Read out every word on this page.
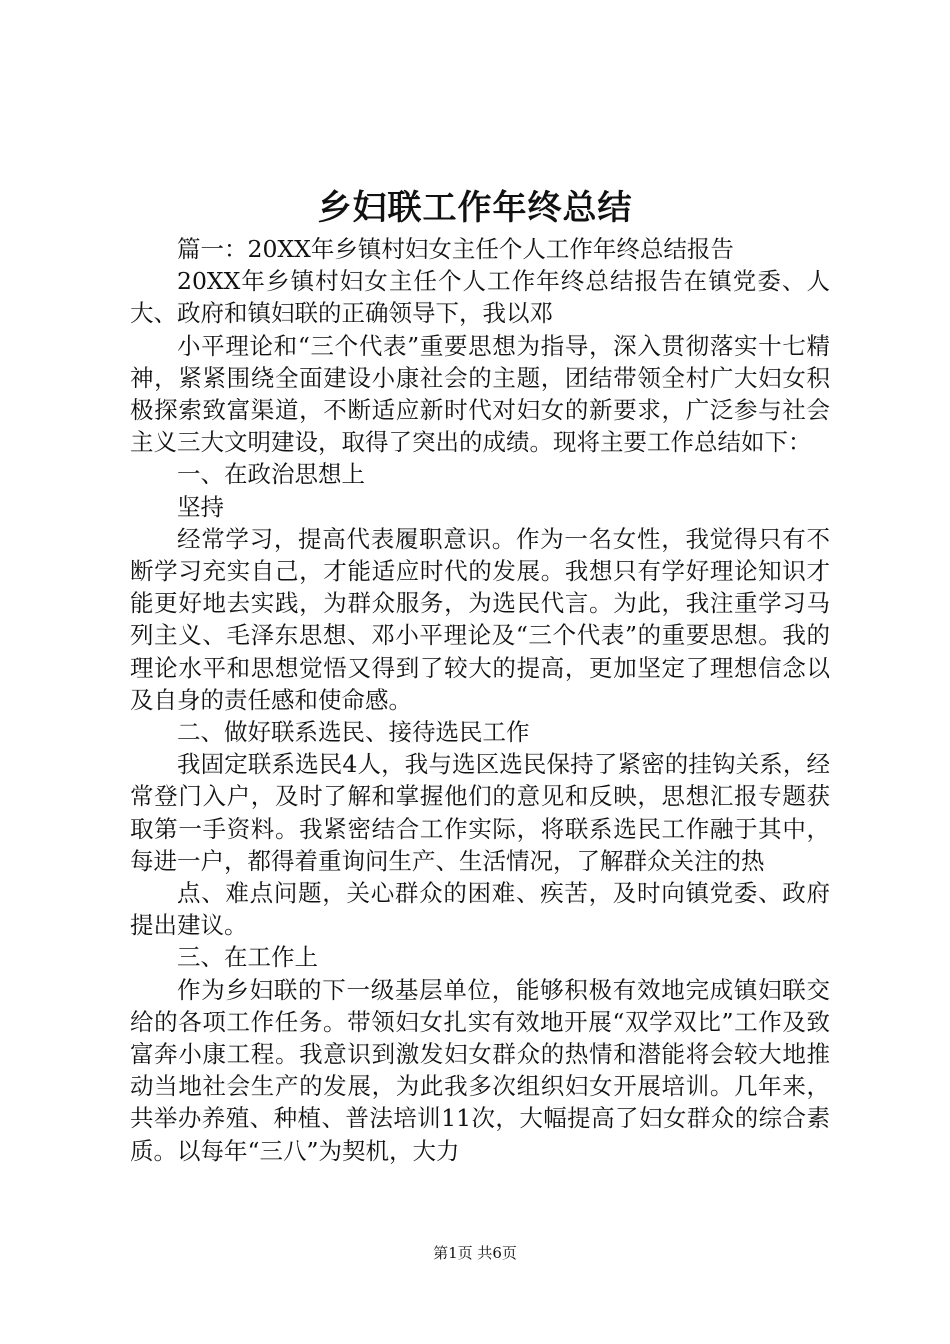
乡妇联工作年终总结

篇一：20XX年乡镇村妇女主任个人工作年终总结报告

20XX年乡镇村妇女主任个人工作年终总结报告在镇党委、人大、政府和镇妇联的正确领导下，我以邓

小平理论和“三个代表”重要思想为指导，深入贯彻落实十七精神，紧紧围绕全面建设小康社会的主题，团结带领全村广大妇女积极探索致富渠道，不断适应新时代对妇女的新要求，广泛参与社会主义三大文明建设，取得了突出的成绩。现将主要工作总结如下：

一、在政治思想上

坚持

经常学习，提高代表履职意识。作为一名女性，我觉得只有不断学习充实自己，才能适应时代的发展。我想只有学好理论知识才能更好地去实践，为群众服务，为选民代言。为此，我注重学习马列主义、毛泽东思想、邓小平理论及“三个代表”的重要思想。我的理论水平和思想觉悟又得到了较大的提高，更加坚定了理想信念以及自身的责任感和使命感。

二、做好联系选民、接待选民工作

我固定联系选民4人，我与选区选民保持了紧密的挂钩关系，经常登门入户，及时了解和掌握他们的意见和反映，思想汇报专题获取第一手资料。我紧密结合工作实际，将联系选民工作融于其中，每进一户，都得着重询问生产、生活情况，了解群众关注的热

点、难点问题，关心群众的困难、疾苦，及时向镇党委、政府提出建议。

三、在工作上

作为乡妇联的下一级基层单位，能够积极有效地完成镇妇联交给的各项工作任务。带领妇女扎实有效地开展“双学双比”工作及致富奔小康工程。我意识到激发妇女群众的热情和潜能将会较大地推动当地社会生产的发展，为此我多次组织妇女开展培训。几年来，共举办养殖、种植、普法培训11次，大幅提高了妇女群众的综合素质。以每年“三八”为契机，大力

第1页 共6页
